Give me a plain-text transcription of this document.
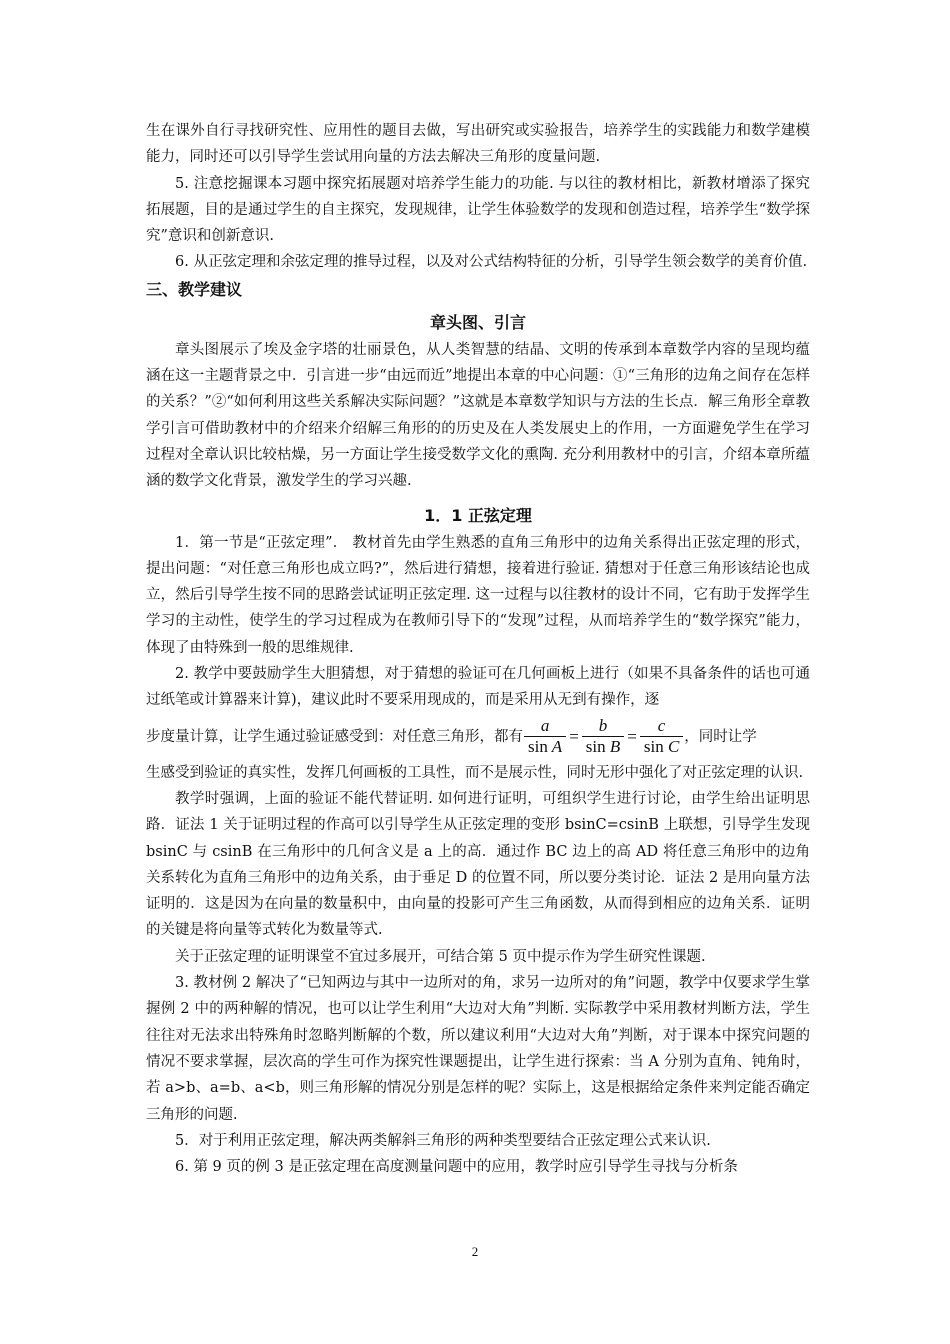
生在课外自行寻找研究性、应用性的题目去做，写出研究或实验报告，培养学生的实践能力和数学建模能力，同时还可以引导学生尝试用向量的方法去解决三角形的度量问题.

5. 注意挖掘课本习题中探究拓展题对培养学生能力的功能. 与以往的教材相比，新教材增添了探究拓展题，目的是通过学生的自主探究，发现规律，让学生体验数学的发现和创造过程，培养学生“数学探究”意识和创新意识.

6. 从正弦定理和余弦定理的推导过程，以及对公式结构特征的分析，引导学生领会数学的美育价值.

三、教学建议
章头图、引言

章头图展示了埃及金字塔的壮丽景色，从人类智慧的结晶、文明的传承到本章数学内容的呈现均蕴涵在这一主题背景之中．引言进一步“由远而近”地提出本章的中心问题：①“三角形的边角之间存在怎样的关系？”②“如何利用这些关系解决实际问题？”这就是本章数学知识与方法的生长点．解三角形全章教学引言可借助教材中的介绍来介绍解三角形的的历史及在人类发展史上的作用，一方面避免学生在学习过程对全章认识比较枯燥，另一方面让学生接受数学文化的熏陶. 充分利用教材中的引言，介绍本章所蕴涵的数学文化背景，激发学生的学习兴趣.

1．1 正弦定理

1．第一节是“正弦定理”． 教材首先由学生熟悉的直角三角形中的边角关系得出正弦定理的形式，提出问题：“对任意三角形也成立吗?”，然后进行猜想，接着进行验证. 猜想对于任意三角形该结论也成立，然后引导学生按不同的思路尝试证明正弦定理. 这一过程与以往教材的设计不同，它有助于发挥学生学习的主动性，使学生的学习过程成为在教师引导下的“发现”过程，从而培养学生的“数学探究”能力，体现了由特殊到一般的思维规律.

2. 教学中要鼓励学生大胆猜想，对于猜想的验证可在几何画板上进行（如果不具备条件的话也可通过纸笔或计算器来计算)，建议此时不要采用现成的，而是采用从无到有操作，逐

步度量计算，让学生通过验证感受到：对任意三角形，都有 $\frac{a}{\text{sin A}} = \frac{b}{\text{sin B}} = \frac{c}{\text{sin C}}$ ，同时让学

生感受到验证的真实性，发挥几何画板的工具性，而不是展示性，同时无形中强化了对正弦定理的认识.

教学时强调，上面的验证不能代替证明. 如何进行证明，可组织学生进行讨论，由学生给出证明思路．证法 1 关于证明过程的作高可以引导学生从正弦定理的变形 bsinC=csinB 上联想，引导学生发现 bsinC 与 csinB 在三角形中的几何含义是 a 上的高．通过作 BC 边上的高 AD 将任意三角形中的边角关系转化为直角三角形中的边角关系，由于垂足 D 的位置不同，所以要分类讨论．证法 2 是用向量方法证明的．这是因为在向量的数量积中，由向量的投影可产生三角函数，从而得到相应的边角关系．证明的关键是将向量等式转化为数量等式.

关于正弦定理的证明课堂不宜过多展开，可结合第 5 页中提示作为学生研究性课题.

3. 教材例 2 解决了“已知两边与其中一边所对的角，求另一边所对的角”问题，教学中仅要求学生掌握例 2 中的两种解的情况，也可以让学生利用“大边对大角”判断. 实际教学中采用教材判断方法，学生往往对无法求出特殊角时忽略判断解的个数，所以建议利用“大边对大角”判断，对于课本中探究问题的情况不要求掌握，层次高的学生可作为探究性课题提出，让学生进行探索：当 A 分别为直角、钝角时，若 a>b、a=b、a<b，则三角形解的情况分别是怎样的呢？实际上，这是根据给定条件来判定能否确定三角形的问题.

5．对于利用正弦定理，解决两类解斜三角形的两种类型要结合正弦定理公式来认识.

6. 第 9 页的例 3 是正弦定理在高度测量问题中的应用，教学时应引导学生寻找与分析条

2
